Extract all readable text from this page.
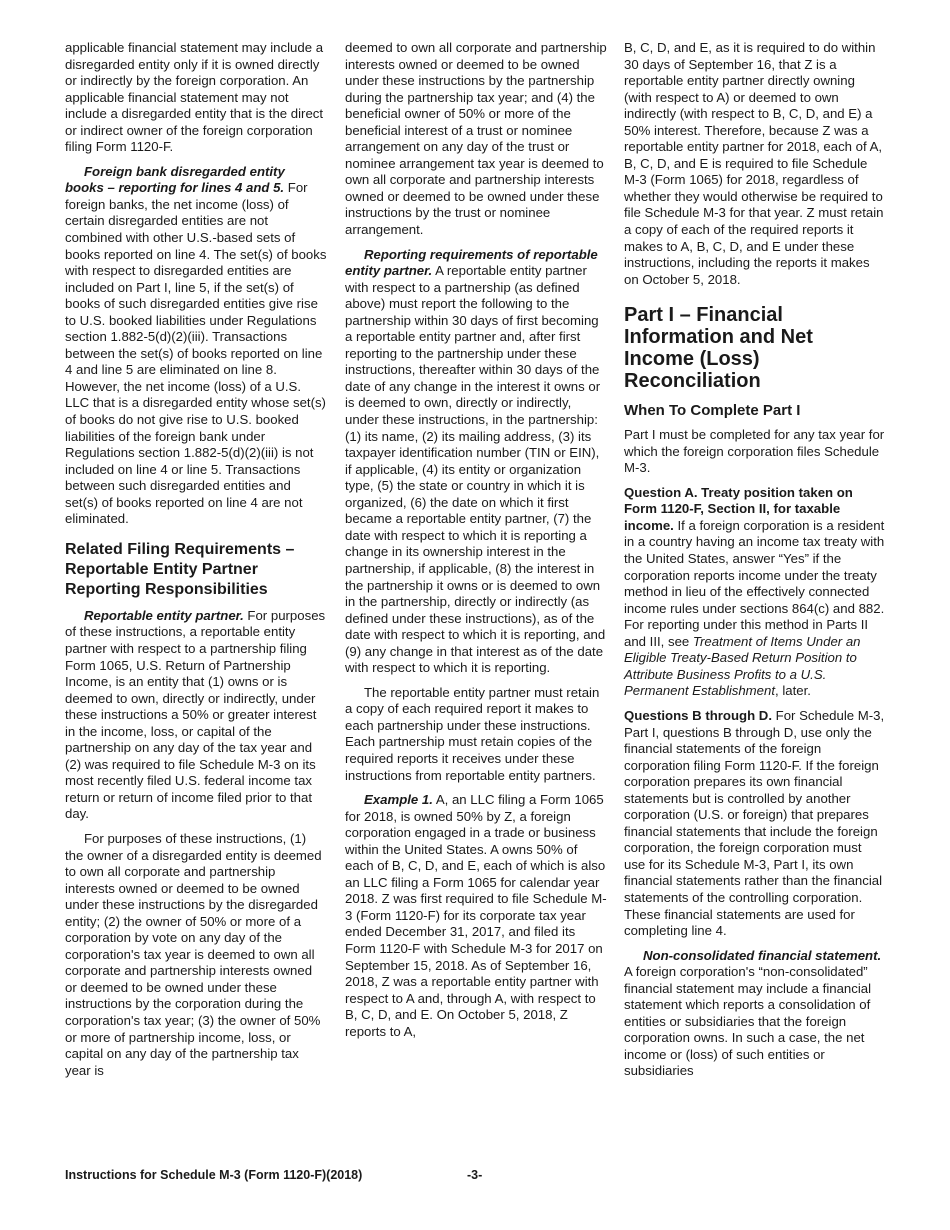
applicable financial statement may include a disregarded entity only if it is owned directly or indirectly by the foreign corporation. An applicable financial statement may not include a disregarded entity that is the direct or indirect owner of the foreign corporation filing Form 1120-F.

Foreign bank disregarded entity books – reporting for lines 4 and 5. For foreign banks, the net income (loss) of certain disregarded entities are not combined with other U.S.-based sets of books reported on line 4. The set(s) of books with respect to disregarded entities are included on Part I, line 5, if the set(s) of books of such disregarded entities give rise to U.S. booked liabilities under Regulations section 1.882-5(d)(2)(iii). Transactions between the set(s) of books reported on line 4 and line 5 are eliminated on line 8. However, the net income (loss) of a U.S. LLC that is a disregarded entity whose set(s) of books do not give rise to U.S. booked liabilities of the foreign bank under Regulations section 1.882-5(d)(2)(iii) is not included on line 4 or line 5. Transactions between such disregarded entities and set(s) of books reported on line 4 are not eliminated.

Related Filing Requirements – Reportable Entity Partner Reporting Responsibilities

Reportable entity partner. For purposes of these instructions, a reportable entity partner with respect to a partnership filing Form 1065, U.S. Return of Partnership Income, is an entity that (1) owns or is deemed to own, directly or indirectly, under these instructions a 50% or greater interest in the income, loss, or capital of the partnership on any day of the tax year and (2) was required to file Schedule M-3 on its most recently filed U.S. federal income tax return or return of income filed prior to that day.

For purposes of these instructions, (1) the owner of a disregarded entity is deemed to own all corporate and partnership interests owned or deemed to be owned under these instructions by the disregarded entity; (2) the owner of 50% or more of a corporation by vote on any day of the corporation's tax year is deemed to own all corporate and partnership interests owned or deemed to be owned under these instructions by the corporation during the corporation's tax year; (3) the owner of 50% or more of partnership income, loss, or capital on any day of the partnership tax year is

deemed to own all corporate and partnership interests owned or deemed to be owned under these instructions by the partnership during the partnership tax year; and (4) the beneficial owner of 50% or more of the beneficial interest of a trust or nominee arrangement on any day of the trust or nominee arrangement tax year is deemed to own all corporate and partnership interests owned or deemed to be owned under these instructions by the trust or nominee arrangement.

Reporting requirements of reportable entity partner. A reportable entity partner with respect to a partnership (as defined above) must report the following to the partnership within 30 days of first becoming a reportable entity partner and, after first reporting to the partnership under these instructions, thereafter within 30 days of the date of any change in the interest it owns or is deemed to own, directly or indirectly, under these instructions, in the partnership: (1) its name, (2) its mailing address, (3) its taxpayer identification number (TIN or EIN), if applicable, (4) its entity or organization type, (5) the state or country in which it is organized, (6) the date on which it first became a reportable entity partner, (7) the date with respect to which it is reporting a change in its ownership interest in the partnership, if applicable, (8) the interest in the partnership it owns or is deemed to own in the partnership, directly or indirectly (as defined under these instructions), as of the date with respect to which it is reporting, and (9) any change in that interest as of the date with respect to which it is reporting.

The reportable entity partner must retain a copy of each required report it makes to each partnership under these instructions. Each partnership must retain copies of the required reports it receives under these instructions from reportable entity partners.

Example 1. A, an LLC filing a Form 1065 for 2018, is owned 50% by Z, a foreign corporation engaged in a trade or business within the United States. A owns 50% of each of B, C, D, and E, each of which is also an LLC filing a Form 1065 for calendar year 2018. Z was first required to file Schedule M-3 (Form 1120-F) for its corporate tax year ended December 31, 2017, and filed its Form 1120-F with Schedule M-3 for 2017 on September 15, 2018. As of September 16, 2018, Z was a reportable entity partner with respect to A and, through A, with respect to B, C, D, and E. On October 5, 2018, Z reports to A,

B, C, D, and E, as it is required to do within 30 days of September 16, that Z is a reportable entity partner directly owning (with respect to A) or deemed to own indirectly (with respect to B, C, D, and E) a 50% interest. Therefore, because Z was a reportable entity partner for 2018, each of A, B, C, D, and E is required to file Schedule M-3 (Form 1065) for 2018, regardless of whether they would otherwise be required to file Schedule M-3 for that year. Z must retain a copy of each of the required reports it makes to A, B, C, D, and E under these instructions, including the reports it makes on October 5, 2018.

Part I – Financial Information and Net Income (Loss) Reconciliation
When To Complete Part I

Part I must be completed for any tax year for which the foreign corporation files Schedule M-3.

Question A. Treaty position taken on Form 1120-F, Section II, for taxable income. If a foreign corporation is a resident in a country having an income tax treaty with the United States, answer “Yes” if the corporation reports income under the treaty method in lieu of the effectively connected income rules under sections 864(c) and 882. For reporting under this method in Parts II and III, see Treatment of Items Under an Eligible Treaty-Based Return Position to Attribute Business Profits to a U.S. Permanent Establishment, later.

Questions B through D. For Schedule M-3, Part I, questions B through D, use only the financial statements of the foreign corporation filing Form 1120-F. If the foreign corporation prepares its own financial statements but is controlled by another corporation (U.S. or foreign) that prepares financial statements that include the foreign corporation, the foreign corporation must use for its Schedule M-3, Part I, its own financial statements rather than the financial statements of the controlling corporation. These financial statements are used for completing line 4.

Non-consolidated financial statement. A foreign corporation's “non-consolidated” financial statement may include a financial statement which reports a consolidation of entities or subsidiaries that the foreign corporation owns. In such a case, the net income or (loss) of such entities or subsidiaries

Instructions for Schedule M-3 (Form 1120-F)(2018)	-3-
